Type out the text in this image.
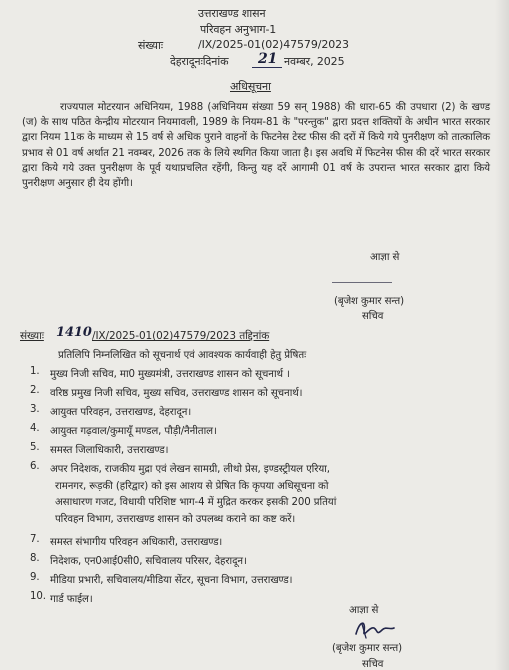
उत्तराखण्ड शासन
परिवहन अनुभाग-1
संख्याः	/IX/2025-01(02)47579/2023
देहरादूनःदिनांक 21 नवम्बर, 2025
अधिसूचना
राज्यपाल मोटरयान अधिनियम, 1988 (अधिनियम संख्या 59 सन् 1988) की धारा-65 की उपधारा (2) के खण्ड (ज) के साथ पठित केन्द्रीय मोटरयान नियमावली, 1989 के नियम-81 के "परन्तुक" द्वारा प्रदत्त शक्तियों के अधीन भारत सरकार द्वारा नियम 11क के माध्यम से 15 वर्ष से अधिक पुराने वाहनों के फिटनेस टेस्ट फीस की दरों में किये गये पुनरीक्षण को तात्कालिक प्रभाव से 01 वर्ष अर्थात 21 नवम्बर, 2026 तक के लिये स्थगित किया जाता है। इस अवधि में फिटनेस फीस की दरें भारत सरकार द्वारा किये गये उक्त पुनरीक्षण के पूर्व यथाप्रचलित रहेंगी, किन्तु यह दरें आगामी 01 वर्ष के उपरान्त भारत सरकार द्वारा किये पुनरीक्षण अनुसार ही देय होंगी।
आज्ञा से
(बृजेश कुमार सन्त)
सचिव
संख्याः 1410 /IX/2025-01(02)47579/2023 तद्दिनांक
प्रतिलिपि निम्नलिखित को सूचनार्थ एवं आवश्यक कार्यवाही हेतु प्रेषितः
1. मुख्य निजी सचिव, मा0 मुख्यमंत्री, उत्तराखण्ड शासन को सूचनार्थ ।
2. वरिष्ठ प्रमुख निजी सचिव, मुख्य सचिव, उत्तराखण्ड शासन को सूचनार्थ।
3. आयुक्त परिवहन, उत्तराखण्ड, देहरादून।
4. आयुक्त गढ़वाल/कुमायूँ मण्डल, पौड़ी/नैनीताल।
5. समस्त जिलाधिकारी, उत्तराखण्ड।
6. अपर निदेशक, राजकीय मुद्रा एवं लेखन सामग्री, लीथो प्रेस, इण्डस्ट्रीयल एरिया,
रामनगर, रूड़की (हरिद्वार) को इस आशय से प्रेषित कि कृपया अधिसूचना को
असाधारण गजट, विधायी परिशिष्ट भाग-4 में मुद्रित करकर इसकी 200 प्रतियां
परिवहन विभाग, उत्तराखण्ड शासन को उपलब्ध कराने का कष्ट करें।
7. समस्त संभागीय परिवहन अधिकारी, उत्तराखण्ड।
8. निदेशक, एन0आई0सी0, सचिवालय परिसर, देहरादून।
9. मीडिया प्रभारी, सचिवालय/मीडिया सेंटर, सूचना विभाग, उत्तराखण्ड।
10. गार्ड फाईल।
आज्ञा से
(बृजेश कुमार सन्त)
सचिव
